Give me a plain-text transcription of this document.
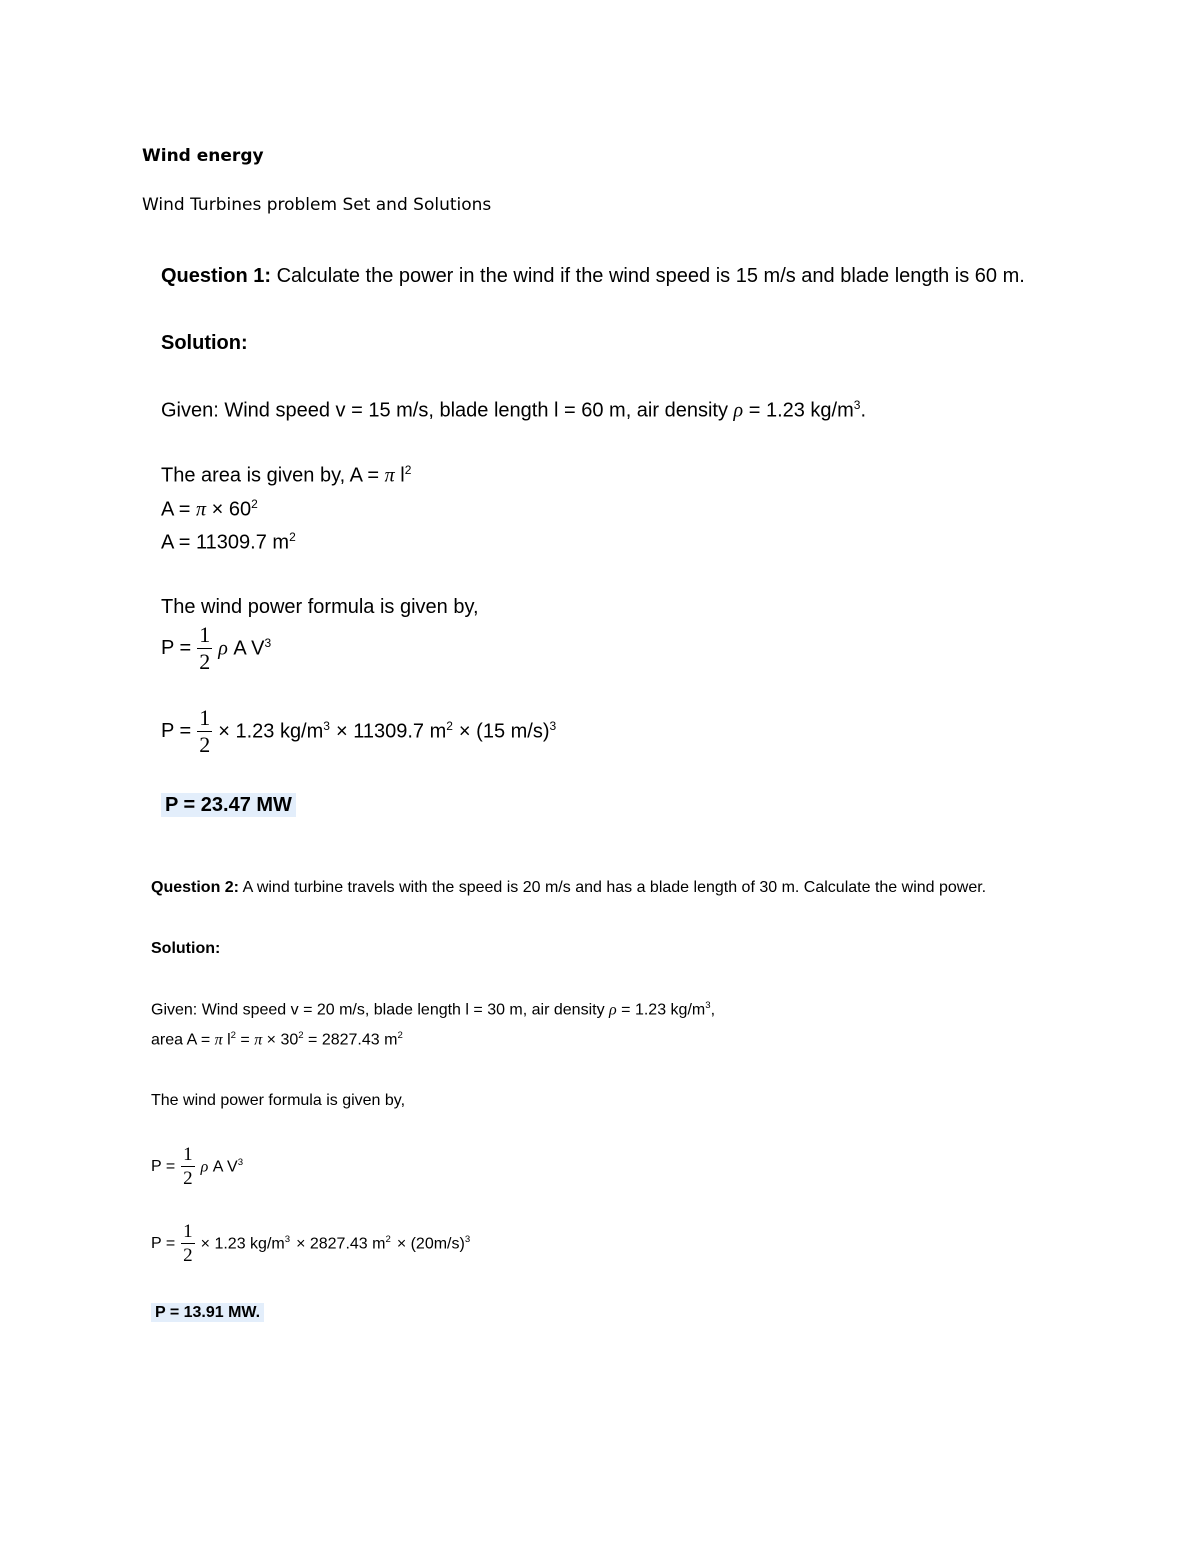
Wind energy
Wind Turbines problem Set and Solutions
Question 1: Calculate the power in the wind if the wind speed is 15 m/s and blade length is 60 m.
Solution:
Given: Wind speed v = 15 m/s, blade length l = 60 m, air density ρ = 1.23 $kg/m^3$.
The area is given by, A = π $l^2$
$A = \pi \times 60^2$
A = 11309.7 $m^2$
The wind power formula is given by,
$P = \frac{1}{2}$ ρ A $V^3$
$P = \frac{1}{2} \times 1.23$ $kg/m^3 \times 11309.7$ $m^2 \times (15$ m/s)$^3$
P = 23.47 MW
Question 2: A wind turbine travels with the speed is 20 m/s and has a blade length of 30 m. Calculate the wind power.
Solution:
Given: Wind speed v = 20 m/s, blade length l = 30 m, air density ρ = 1.23 $kg/m^3$,
area A = π $l^2 = \pi \times 30^2 = 2827.43$ $m^2$
The wind power formula is given by,
$P = \frac{1}{2}$ ρ A $V^3$
$P = \frac{1}{2} \times 1.23$ $kg/m^3 \times 2827.43$ $m^2 \times (20m/s)^3$
P = 13.91 MW.
